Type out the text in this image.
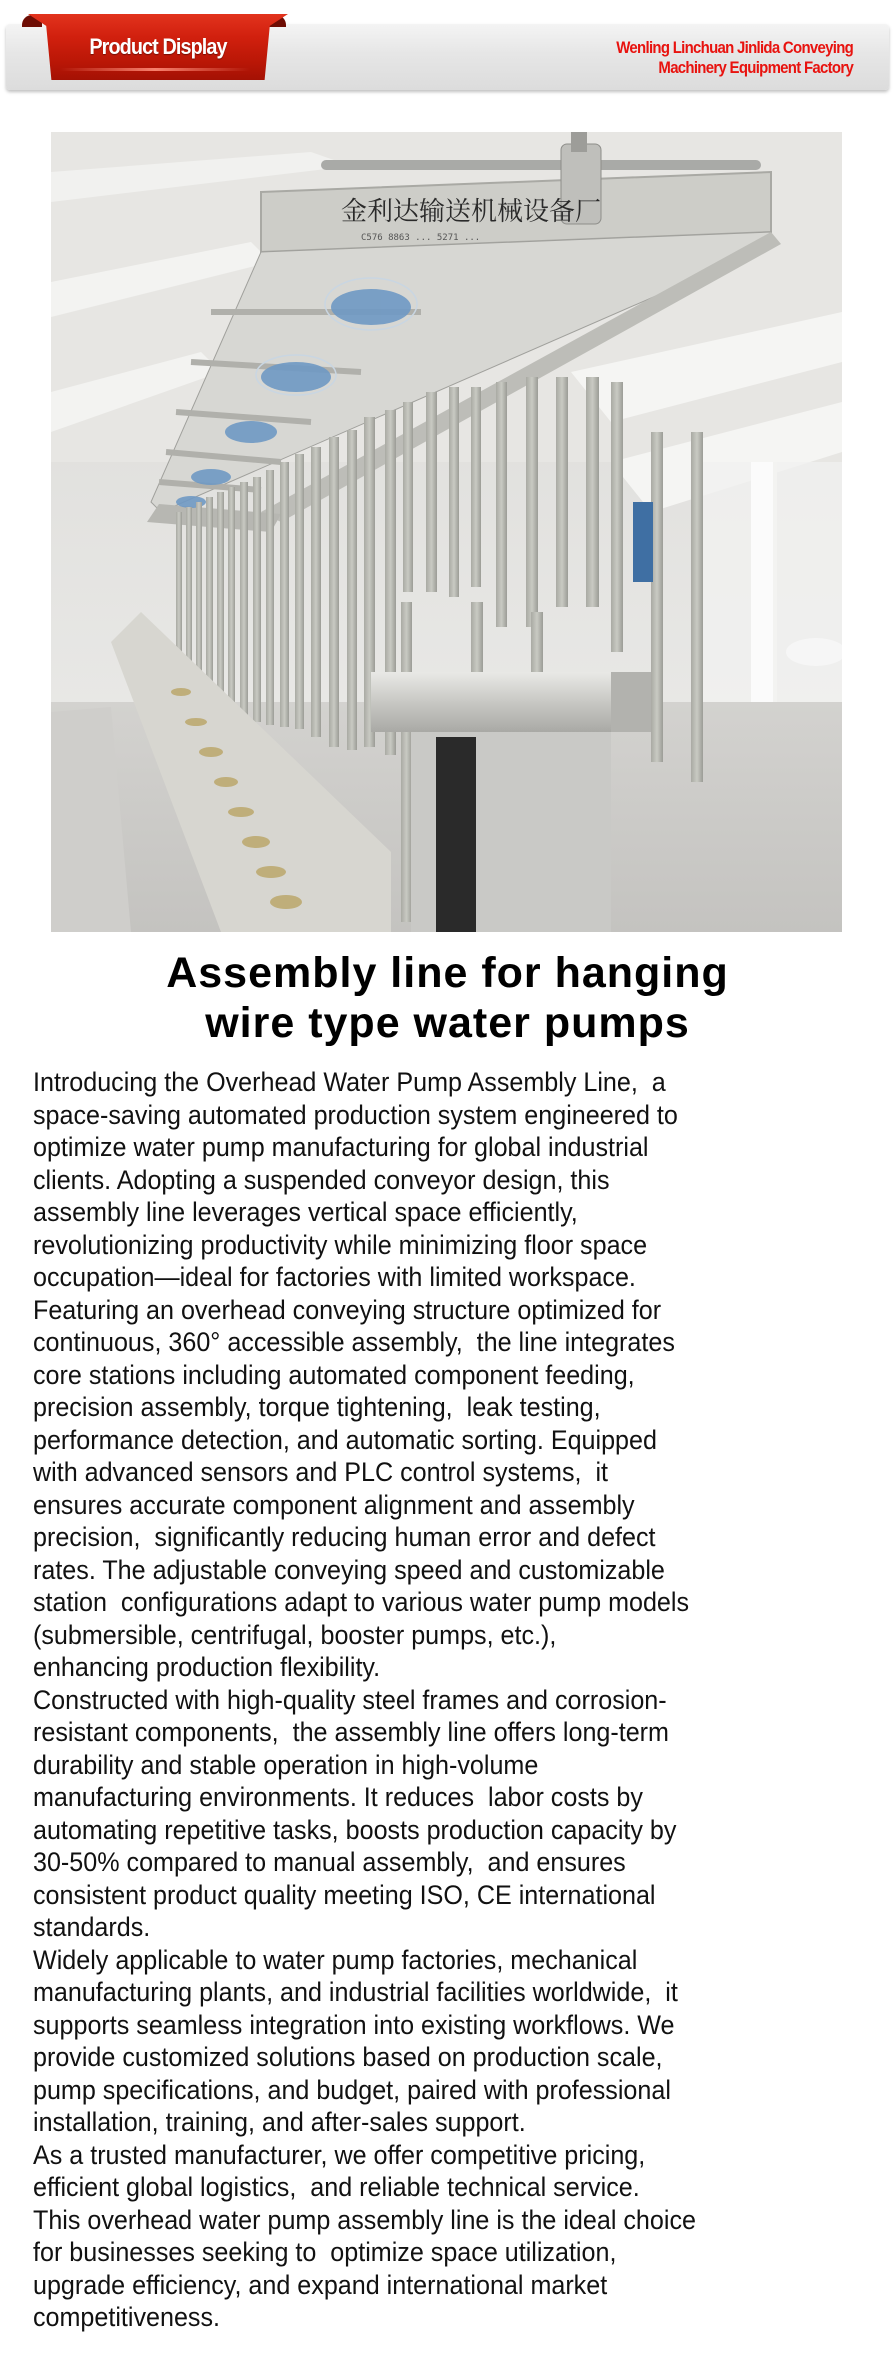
Product Display	Wenling Linchuan Jinlida Conveying
Machinery Equipment Factory
金利达输送机械设备厂
C576 8863 ... 5271 ...
Assembly line for hanging
wire type water pumps
Introducing the Overhead Water Pump Assembly Line,  a
space-saving automated production system engineered to
optimize water pump manufacturing for global industrial
clients. Adopting a suspended conveyor design, this
assembly line leverages vertical space efficiently,
revolutionizing productivity while minimizing floor space
occupation—ideal for factories with limited workspace.
Featuring an overhead conveying structure optimized for
continuous, 360° accessible assembly,  the line integrates
core stations including automated component feeding,
precision assembly, torque tightening,  leak testing,
performance detection, and automatic sorting. Equipped
with advanced sensors and PLC control systems,  it
ensures accurate component alignment and assembly
precision,  significantly reducing human error and defect
rates. The adjustable conveying speed and customizable
station  configurations adapt to various water pump models
(submersible, centrifugal, booster pumps, etc.),
enhancing production flexibility.
Constructed with high-quality steel frames and corrosion-
resistant components,  the assembly line offers long-term
durability and stable operation in high-volume
manufacturing environments. It reduces  labor costs by
automating repetitive tasks, boosts production capacity by
30-50% compared to manual assembly,  and ensures
consistent product quality meeting ISO, CE international
standards.
Widely applicable to water pump factories, mechanical
manufacturing plants, and industrial facilities worldwide,  it
supports seamless integration into existing workflows. We
provide customized solutions based on production scale,
pump specifications, and budget, paired with professional
installation, training, and after-sales support.
As a trusted manufacturer, we offer competitive pricing,
efficient global logistics,  and reliable technical service.
This overhead water pump assembly line is the ideal choice
for businesses seeking to  optimize space utilization,
upgrade efficiency, and expand international market
competitiveness.
